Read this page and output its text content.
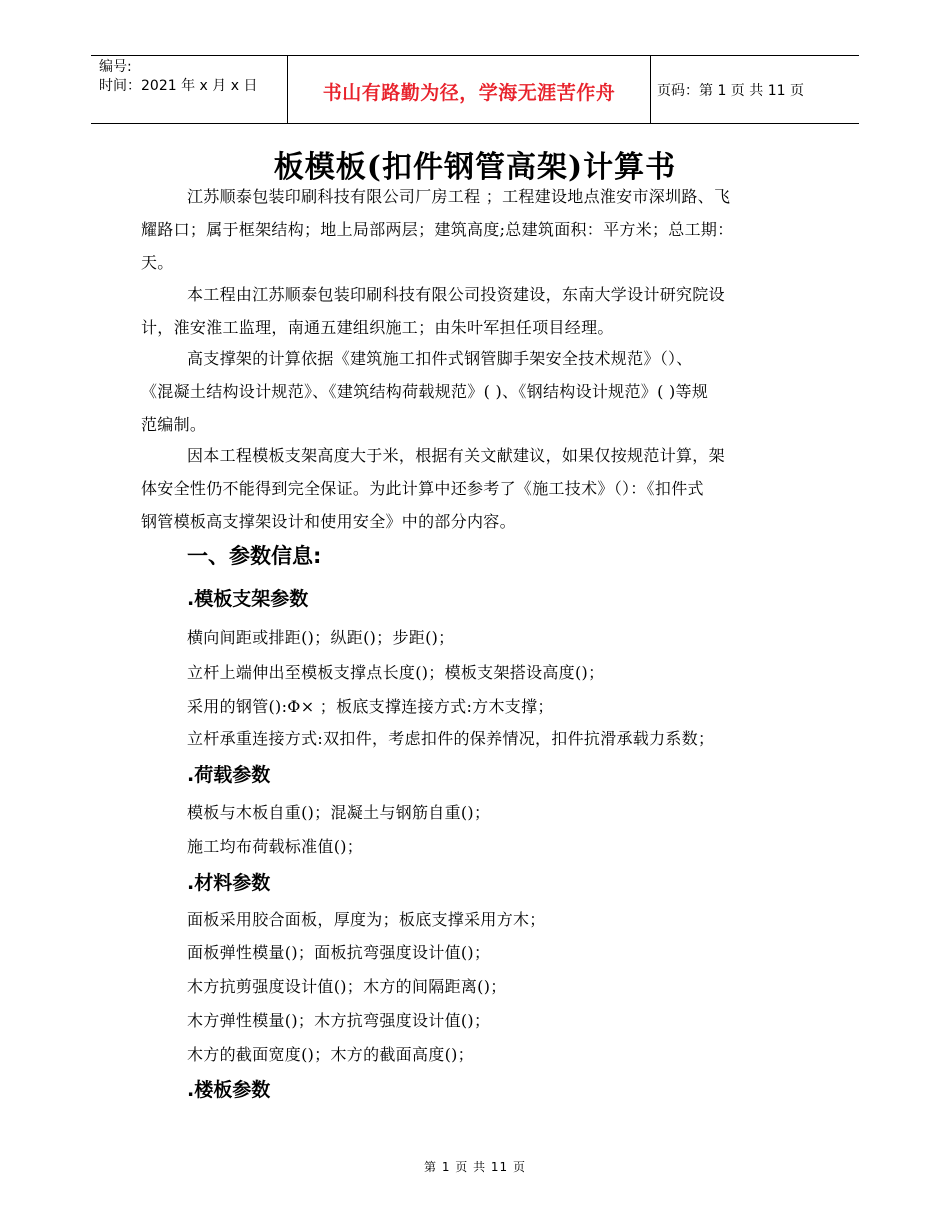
编号:
时间：2021 年 x 月 x 日	书山有路勤为径，学海无涯苦作舟	页码：第 1 页 共 11 页
板模板(扣件钢管高架)计算书
江苏顺泰包装印刷科技有限公司厂房工程 ；工程建设地点淮安市深圳路、飞
耀路口；属于框架结构；地上局部两层；建筑高度;总建筑面积：平方米；总工期：
天。
本工程由江苏顺泰包装印刷科技有限公司投资建设，东南大学设计研究院设
计，淮安淮工监理，南通五建组织施工；由朱叶军担任项目经理。
高支撑架的计算依据《建筑施工扣件式钢管脚手架安全技术规范》（）、
《混凝土结构设计规范》、《建筑结构荷载规范》( )、《钢结构设计规范》( )等规
范编制。
因本工程模板支架高度大于米，根据有关文献建议，如果仅按规范计算，架
体安全性仍不能得到完全保证。为此计算中还参考了《施工技术》（）：《扣件式
钢管模板高支撑架设计和使用安全》中的部分内容。
一、参数信息:
.模板支架参数
横向间距或排距()；纵距()；步距()；
立杆上端伸出至模板支撑点长度()；模板支架搭设高度()；
采用的钢管():Φ× ；板底支撑连接方式:方木支撑；
立杆承重连接方式:双扣件，考虑扣件的保养情况，扣件抗滑承载力系数；
.荷载参数
模板与木板自重()；混凝土与钢筋自重()；
施工均布荷载标准值()；
.材料参数
面板采用胶合面板，厚度为；板底支撑采用方木；
面板弹性模量()；面板抗弯强度设计值()；
木方抗剪强度设计值()；木方的间隔距离()；
木方弹性模量()；木方抗弯强度设计值()；
木方的截面宽度()；木方的截面高度()；
.楼板参数
第 1 页 共 11 页
